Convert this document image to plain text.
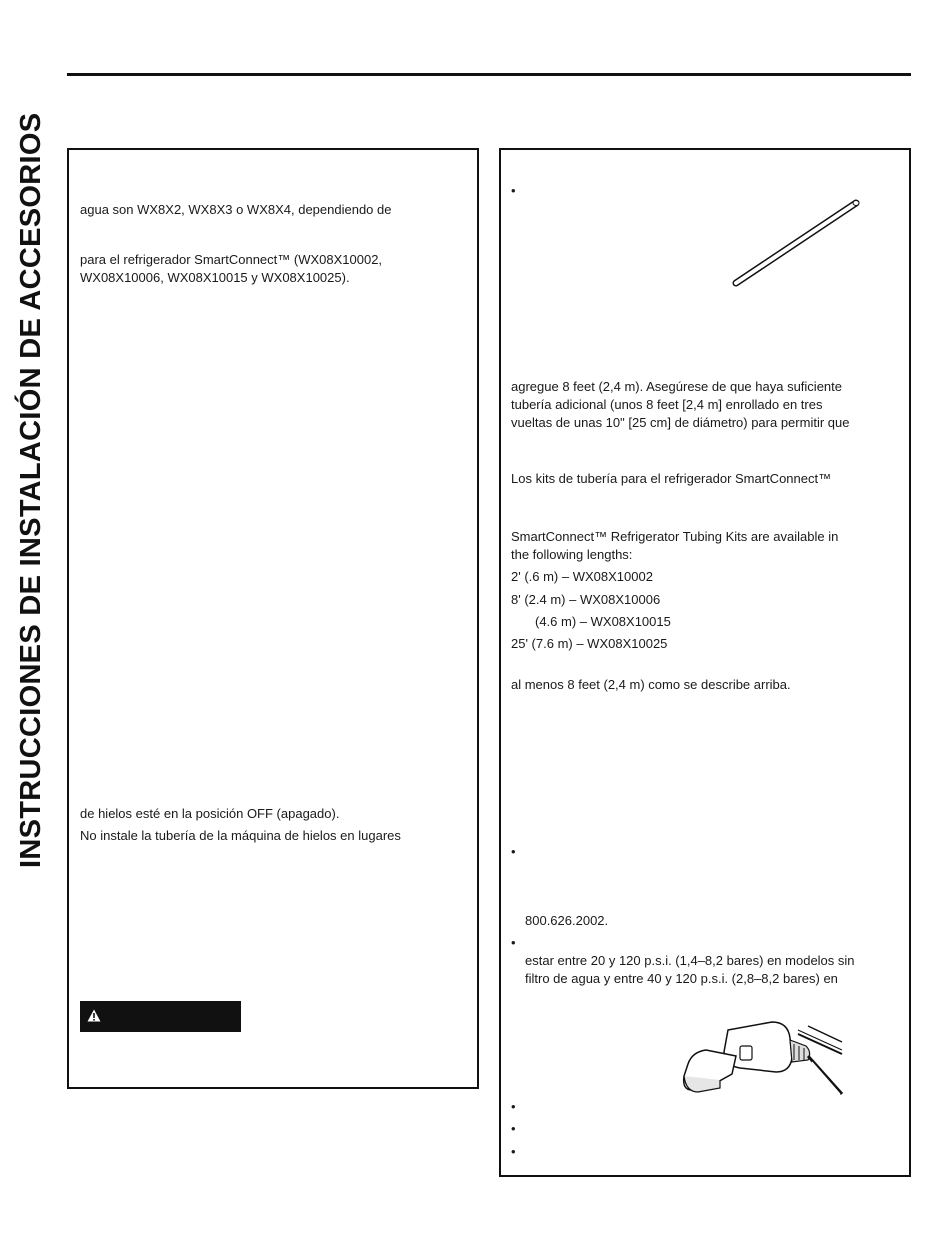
INSTRUCCIONES DE INSTALACIÓN DE ACCESORIOS	agua son WX8X2, WX8X3 o WX8X4, dependiendo de
para el refrigerador SmartConnect™ (WX08X10002,
WX08X10006, WX08X10015 y WX08X10025).
de hielos esté en la posición OFF (apagado).
No instale la tubería de la máquina de hielos en lugares
•
agregue 8 feet (2,4 m). Asegúrese de que haya suficiente
tubería adicional (unos 8 feet [2,4 m] enrollado en tres
vueltas de unas 10" [25 cm] de diámetro) para permitir que
Los kits de tubería para el refrigerador SmartConnect™
SmartConnect™ Refrigerator Tubing Kits are available in
the following lengths:
2' (.6 m) – WX08X10002
8' (2.4 m) – WX08X10006
(4.6 m) – WX08X10015
25' (7.6 m) – WX08X10025
al menos 8 feet (2,4 m) como se describe arriba.
•
800.626.2002.
•
estar entre 20 y 120 p.s.i. (1,4–8,2 bares) en modelos sin
filtro de agua y entre 40 y 120 p.s.i. (2,8–8,2 bares) en
•
•
•
